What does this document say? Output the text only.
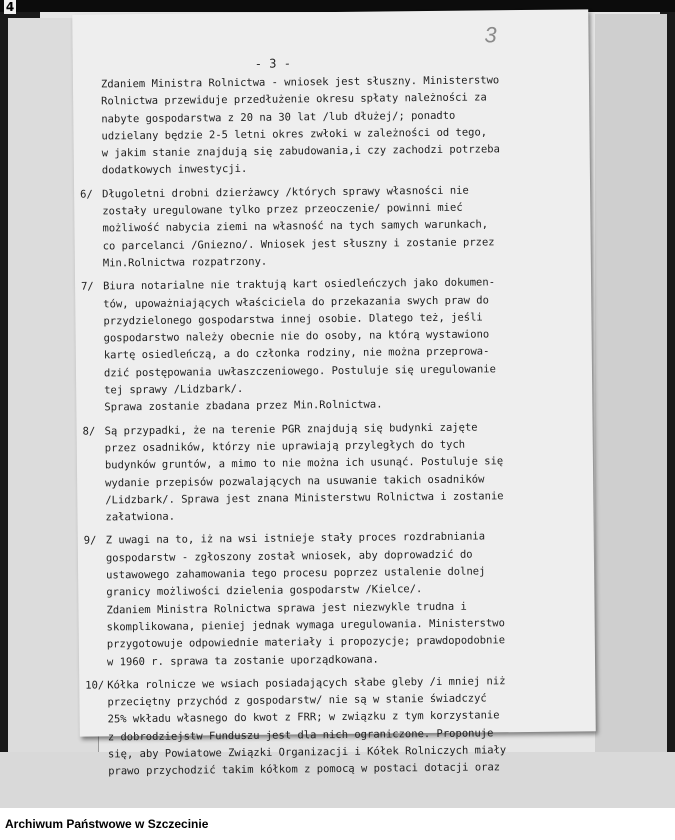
4
3
- 3 -
Zdaniem Ministra Rolnictwa - wniosek jest słuszny. Ministerstwo
Rolnictwa przewiduje przedłużenie okresu spłaty należności za
nabyte gospodarstwa z 20 na 30 lat /lub dłużej/; ponadto
udzielany będzie 2-5 letni okres zwłoki w zależności od tego,
w jakim stanie znajdują się zabudowania,i czy zachodzi potrzeba
dodatkowych inwestycji.
6/ Długoletni drobni dzierżawcy /których sprawy własności nie
zostały uregulowane tylko przez przeoczenie/ powinni mieć
możliwość nabycia ziemi na własność na tych samych warunkach,
co parcelanci /Gniezno/. Wniosek jest słuszny i zostanie przez
Min.Rolnictwa rozpatrzony.
7/ Biura notarialne nie traktują kart osiedleńczych jako dokumen-
tów, upoważniających właściciela do przekazania swych praw do
przydzielonego gospodarstwa innej osobie. Dlatego też, jeśli
gospodarstwo należy obecnie nie do osoby, na którą wystawiono
kartę osiedleńczą, a do członka rodziny, nie można przeprowa-
dzić postępowania uwłaszczeniowego. Postuluje się uregulowanie
tej sprawy /Lidzbark/.
Sprawa zostanie zbadana przez Min.Rolnictwa.
8/ Są przypadki, że na terenie PGR znajdują się budynki zajęte
przez osadników, którzy nie uprawiają przyległych do tych
budynków gruntów, a mimo to nie można ich usunąć. Postuluje się
wydanie przepisów pozwalających na usuwanie takich osadników
/Lidzbark/. Sprawa jest znana Ministerstwu Rolnictwa i zostanie
załatwiona.
9/ Z uwagi na to, iż na wsi istnieje stały proces rozdrabniania
gospodarstw - zgłoszony został wniosek, aby doprowadzić do
ustawowego zahamowania tego procesu poprzez ustalenie dolnej
granicy możliwości dzielenia gospodarstw /Kielce/.
Zdaniem Ministra Rolnictwa sprawa jest niezwykle trudna i
skomplikowana, pieniej jednak wymaga uregulowania. Ministerstwo
przygotowuje odpowiednie materiały i propozycje; prawdopodobnie
w 1960 r. sprawa ta zostanie uporządkowana.
10/ Kółka rolnicze we wsiach posiadających słabe gleby /i mniej niż
przeciętny przychód z gospodarstw/ nie są w stanie świadczyć
25% wkładu własnego do kwot z FRR; w związku z tym korzystanie
z dobrodziejstw Funduszu jest dla nich ograniczone. Proponuje
się, aby Powiatowe Związki Organizacji i Kółek Rolniczych miały
prawo przychodzić takim kółkom z pomocą w postaci dotacji oraz
Archiwum Państwowe w Szczecinie
